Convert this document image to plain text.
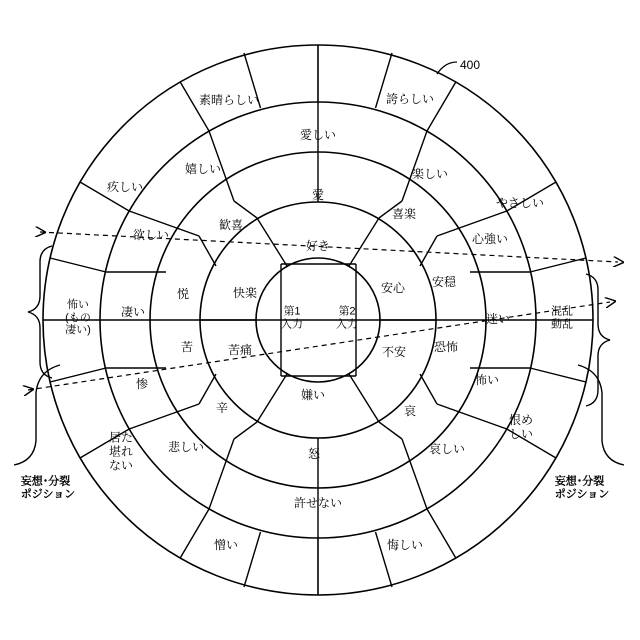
400
第1
入力
第2
入力
怖い
(もの
凄い)
混乱
動乱
妄想･分裂
ポジション
妄想･分裂
ポジション
素晴らしい	誇らしい
愛しい
嬉しい	楽しい
疚しい
やさしい
愛
歓喜
喜楽
欲しい	心強い
好き
安心 安穏
悦	快楽
凄い	迷い
苦	苦痛	不安 恐怖
惨	怖い
嫌い
辛	哀
恨め
しい
居た
堪れ
ない
悲しい	怒	哀しい
許せない
憎い	悔しい
